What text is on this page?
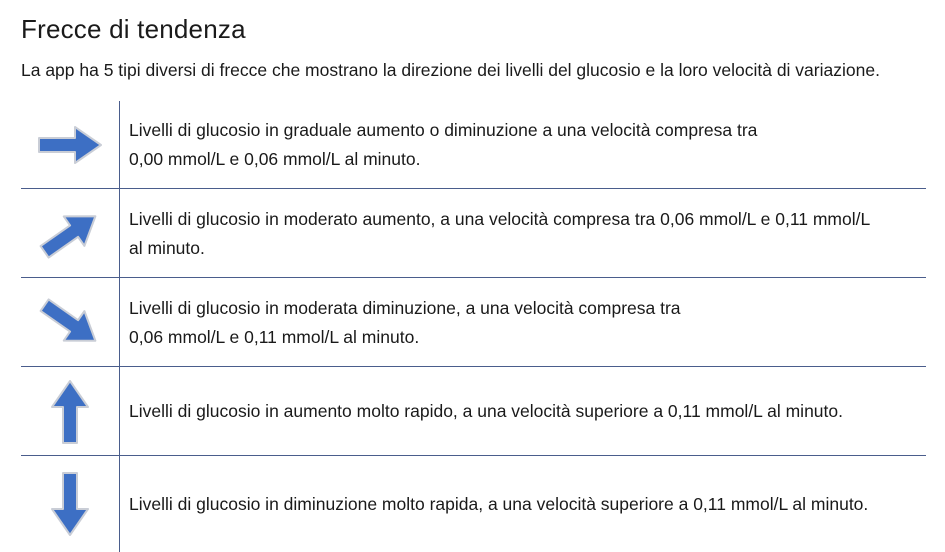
Frecce di tendenza

La app ha 5 tipi diversi di frecce che mostrano la direzione dei livelli del glucosio e la loro velocità di variazione.

Livelli di glucosio in graduale aumento o diminuzione a una velocità compresa tra
0,00 mmol/L e 0,06 mmol/L al minuto.
Livelli di glucosio in moderato aumento, a una velocità compresa tra 0,06 mmol/L e 0,11 mmol/L
al minuto.
Livelli di glucosio in moderata diminuzione, a una velocità compresa tra
0,06 mmol/L e 0,11 mmol/L al minuto.
Livelli di glucosio in aumento molto rapido, a una velocità superiore a 0,11 mmol/L al minuto.
Livelli di glucosio in diminuzione molto rapida, a una velocità superiore a 0,11 mmol/L al minuto.
